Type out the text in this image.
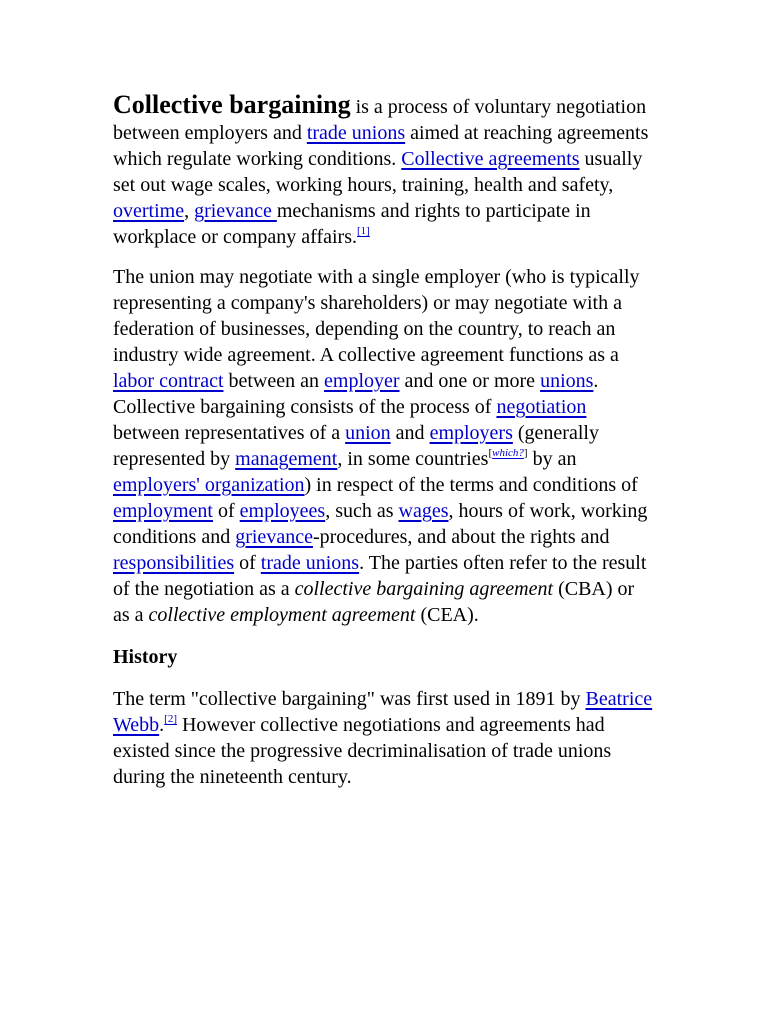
Collective bargaining is a process of voluntary negotiation between employers and trade unions aimed at reaching agreements which regulate working conditions. Collective agreements usually set out wage scales, working hours, training, health and safety, overtime, grievance mechanisms and rights to participate in workplace or company affairs.[1]

The union may negotiate with a single employer (who is typically representing a company's shareholders) or may negotiate with a federation of businesses, depending on the country, to reach an industry wide agreement. A collective agreement functions as a labor contract between an employer and one or more unions. Collective bargaining consists of the process of negotiation between representatives of a union and employers (generally represented by management, in some countries[which?] by an employers' organization) in respect of the terms and conditions of employment of employees, such as wages, hours of work, working conditions and grievance-procedures, and about the rights and responsibilities of trade unions. The parties often refer to the result of the negotiation as a collective bargaining agreement (CBA) or as a collective employment agreement (CEA).

History

The term "collective bargaining" was first used in 1891 by Beatrice Webb.[2] However collective negotiations and agreements had existed since the progressive decriminalisation of trade unions during the nineteenth century.
